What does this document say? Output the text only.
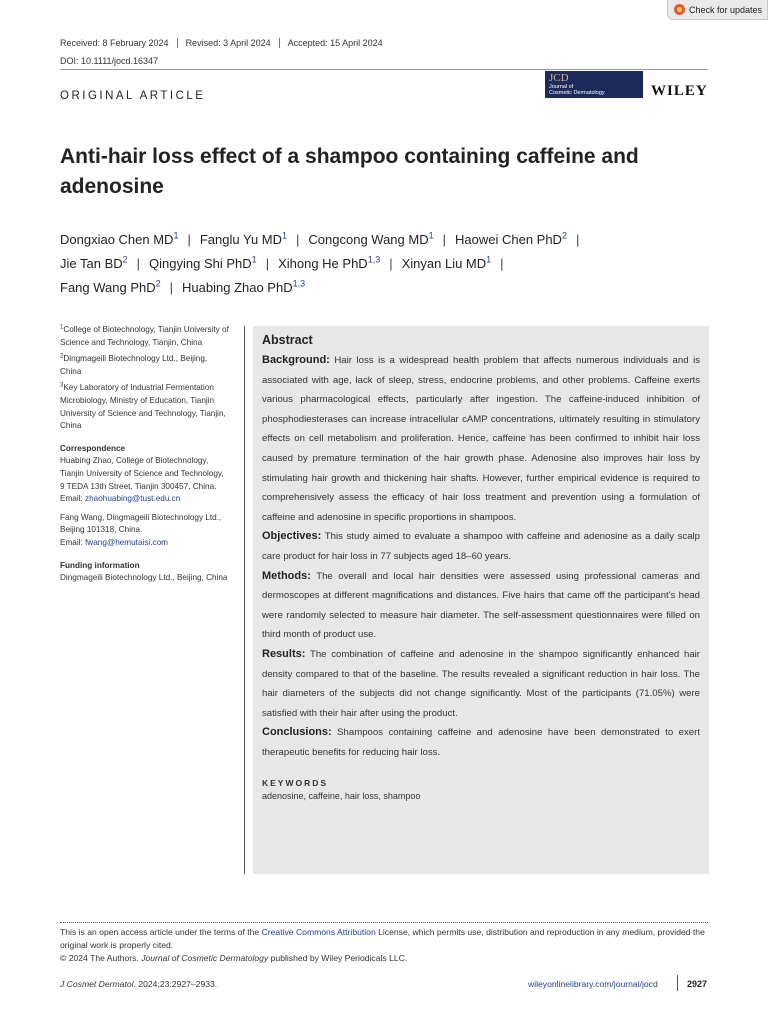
Check for updates
Received: 8 February 2024	Revised: 3 April 2024	Accepted: 15 April 2024
DOI: 10.1111/jocd.16347
JCD
Journal of
Cosmetic Dermatology	WILEY
ORIGINAL ARTICLE
Anti-hair loss effect of a shampoo containing caffeine and adenosine

Dongxiao Chen $MD^1$ | Fanglu Yu $MD^1$ | Congcong Wang $MD^1$ | Haowei Chen PhD$^2$ |
Jie Tan $BD^2$ | Qingying Shi PhD$^1$ | Xihong He PhD$^{1,3}$ | Xinyan Liu $MD^1$ |
Fang Wang PhD$^2$ | Huabing Zhao PhD$^{1,3}$

$^1$College of Biotechnology, Tianjin University of Science and Technology, Tianjin, China

$^2$Dingmageili Biotechnology Ltd., Beijing, China

$^3$Key Laboratory of Industrial Fermentation Microbiology, Ministry of Education, Tianjin University of Science and Technology, Tianjin, China

Correspondence

Huabing Zhao, College of Biotechnology, Tianjin University of Science and Technology, 9 TEDA 13th Street, Tianjin 300457, China.
Email: zhaohuabing@tust.edu.cn

Fang Wang, Dingmageili Biotechnology Ltd., Beijing 101318, China.
Email: fwang@hemutaisi.com

Funding information

Dingmageili Biotechnology Ltd., Beijing, China

Abstract

Background: Hair loss is a widespread health problem that affects numerous individuals and is associated with age, lack of sleep, stress, endocrine problems, and other problems. Caffeine exerts various pharmacological effects, particularly after ingestion. The caffeine-induced inhibition of phosphodiesterases can increase intracellular cAMP concentrations, ultimately resulting in stimulatory effects on cell metabolism and proliferation. Hence, caffeine has been confirmed to inhibit hair loss caused by premature termination of the hair growth phase. Adenosine also improves hair loss by stimulating hair growth and thickening hair shafts. However, further empirical evidence is required to comprehensively assess the efficacy of hair loss treatment and prevention using a formulation of caffeine and adenosine in specific proportions in shampoos.

Objectives: This study aimed to evaluate a shampoo with caffeine and adenosine as a daily scalp care product for hair loss in 77 subjects aged 18–60 years.

Methods: The overall and local hair densities were assessed using professional cameras and dermoscopes at different magnifications and distances. Five hairs that came off the participant's head were randomly selected to measure hair diameter. The self-assessment questionnaires were filled on third month of product use.

Results: The combination of caffeine and adenosine in the shampoo significantly enhanced hair density compared to that of the baseline. The results revealed a significant reduction in hair loss. The hair diameters of the subjects did not change significantly. Most of the participants (71.05%) were satisfied with their hair after using the product.

Conclusions: Shampoos containing caffeine and adenosine have been demonstrated to exert therapeutic benefits for reducing hair loss.

KEYWORDS
adenosine, caffeine, hair loss, shampoo

This is an open access article under the terms of the Creative Commons Attribution License, which permits use, distribution and reproduction in any medium, provided the original work is properly cited.

© 2024 The Authors. Journal of Cosmetic Dermatology published by Wiley Periodicals LLC.
J Cosmet Dermatol. 2024;23:2927–2933.	wileyonlinelibrary.com/journal/jocd	2927
